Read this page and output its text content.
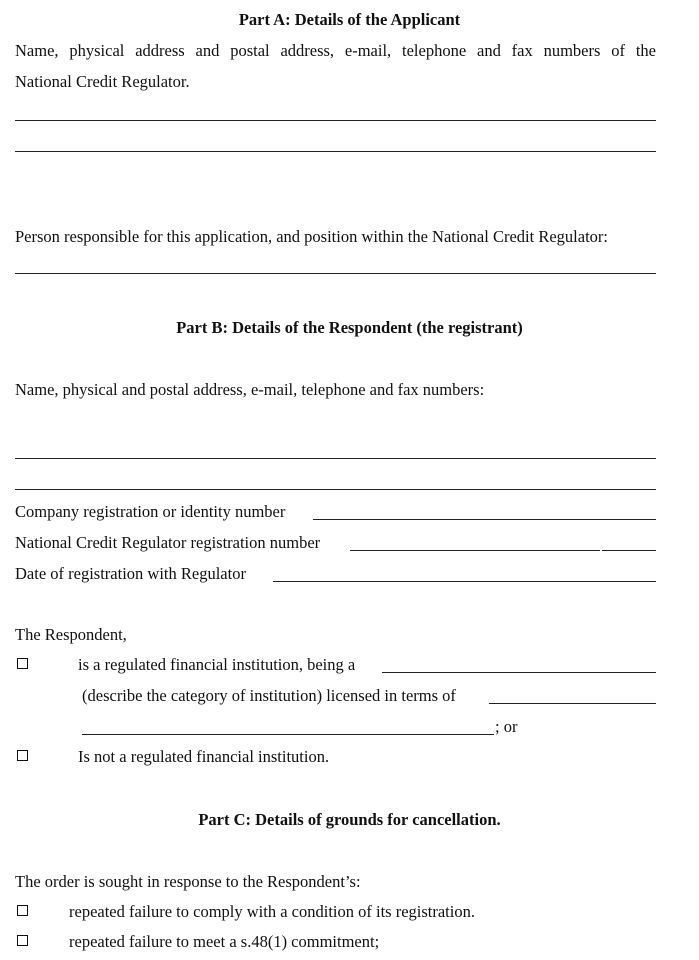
Part A: Details of the Applicant
Name, physical address and postal address, e-mail, telephone and fax numbers of the
National Credit Regulator.
Person responsible for this application, and position within the National Credit Regulator:
Part B: Details of the Respondent (the registrant)
Name, physical and postal address, e-mail, telephone and fax numbers:
Company registration or identity number
National Credit Regulator registration number
Date of registration with Regulator
The Respondent,
is a regulated financial institution, being a
(describe the category of institution) licensed in terms of
; or
Is not a regulated financial institution.
Part C: Details of grounds for cancellation.
The order is sought in response to the Respondent’s:
repeated failure to comply with a condition of its registration.
repeated failure to meet a s.48(1) commitment;
